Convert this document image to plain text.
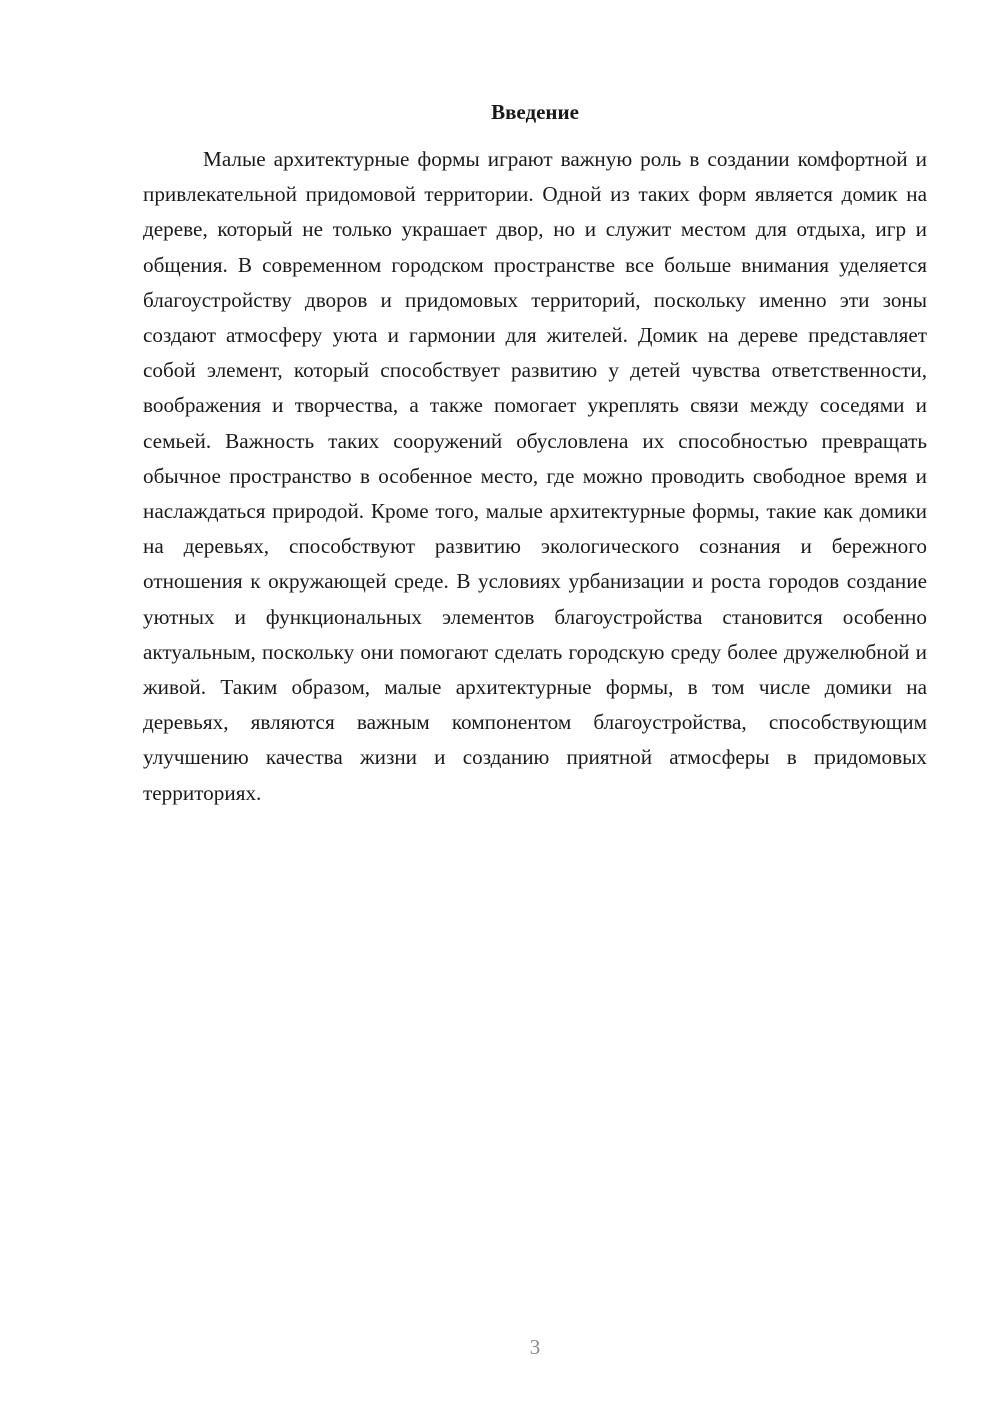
Введение

Малые архитектурные формы играют важную роль в создании комфортной и привлекательной придомовой территории. Одной из таких форм является домик на дереве, который не только украшает двор, но и служит местом для отдыха, игр и общения. В современном городском пространстве все больше внимания уделяется благоустройству дворов и придомовых территорий, поскольку именно эти зоны создают атмосферу уюта и гармонии для жителей. Домик на дереве представляет собой элемент, который способствует развитию у детей чувства ответственности, воображения и творчества, а также помогает укреплять связи между соседями и семьей. Важность таких сооружений обусловлена их способностью превращать обычное пространство в особенное место, где можно проводить свободное время и наслаждаться природой. Кроме того, малые архитектурные формы, такие как домики на деревьях, способствуют развитию экологического сознания и бережного отношения к окружающей среде. В условиях урбанизации и роста городов создание уютных и функциональных элементов благоустройства становится особенно актуальным, поскольку они помогают сделать городскую среду более дружелюбной и живой. Таким образом, малые архитектурные формы, в том числе домики на деревьях, являются важным компонентом благоустройства, способствующим улучшению качества жизни и созданию приятной атмосферы в придомовых территориях.

3
